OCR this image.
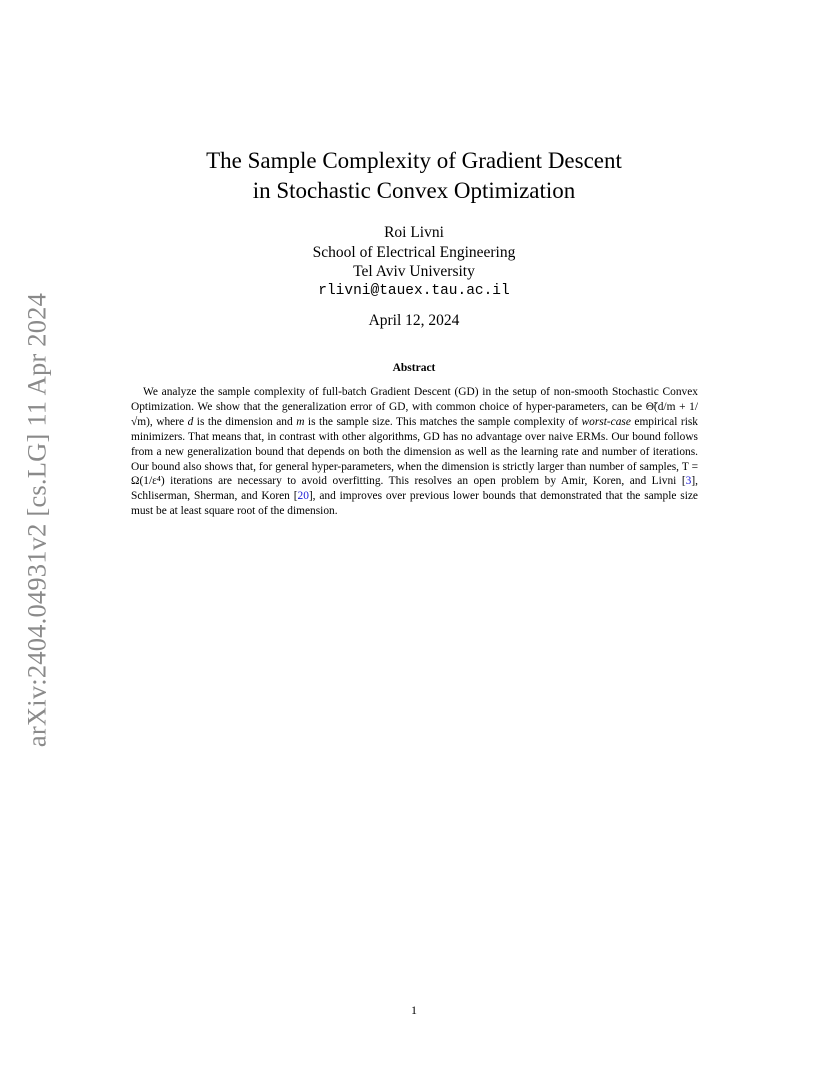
arXiv:2404.04931v2 [cs.LG] 11 Apr 2024
The Sample Complexity of Gradient Descent
in Stochastic Convex Optimization
Roi Livni
School of Electrical Engineering
Tel Aviv University
rlivni@tauex.tau.ac.il
April 12, 2024
Abstract

We analyze the sample complexity of full-batch Gradient Descent (GD) in the setup of non-smooth Stochastic Convex Optimization. We show that the generalization error of GD, with common choice of hyper-parameters, can be Θ̃(d/m + 1/√m), where d is the dimension and m is the sample size. This matches the sample complexity of worst-case empirical risk minimizers. That means that, in contrast with other algorithms, GD has no advantage over naive ERMs. Our bound follows from a new generalization bound that depends on both the dimension as well as the learning rate and number of iterations. Our bound also shows that, for general hyper-parameters, when the dimension is strictly larger than number of samples, T = Ω(1/ε⁴) iterations are necessary to avoid overfitting. This resolves an open problem by Amir, Koren, and Livni [3], Schliserman, Sherman, and Koren [20], and improves over previous lower bounds that demonstrated that the sample size must be at least square root of the dimension.

1
